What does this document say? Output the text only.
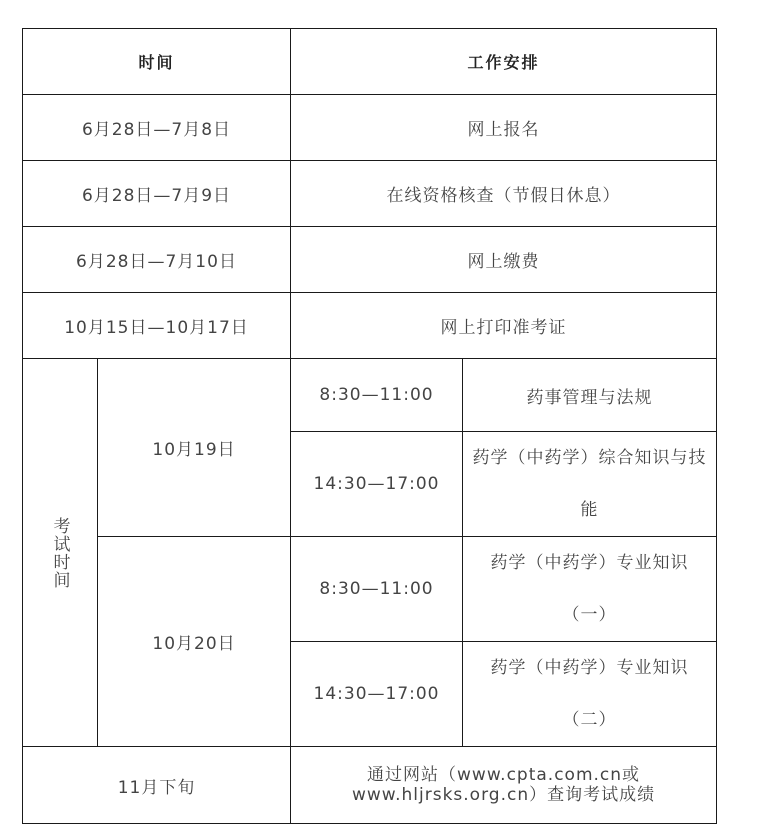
时间		工作安排	
6月28日—7月8日		网上报名	
6月28日—7月9日		在线资格核查（节假日休息）	
6月28日—7月10日		网上缴费	
10月15日—10月17日		网上打印准考证	
考试时间	10月19日	8:30—11:00	药事管理与法规
		14:30—17:00	药学（中药学）综合知识与技能
	10月20日	8:30—11:00	药学（中药学）专业知识（一）
		14:30—17:00	药学（中药学）专业知识（二）
11月下旬		通过网站（www.cpta.com.cn或
www.hljrsks.org.cn）查询考试成绩	
